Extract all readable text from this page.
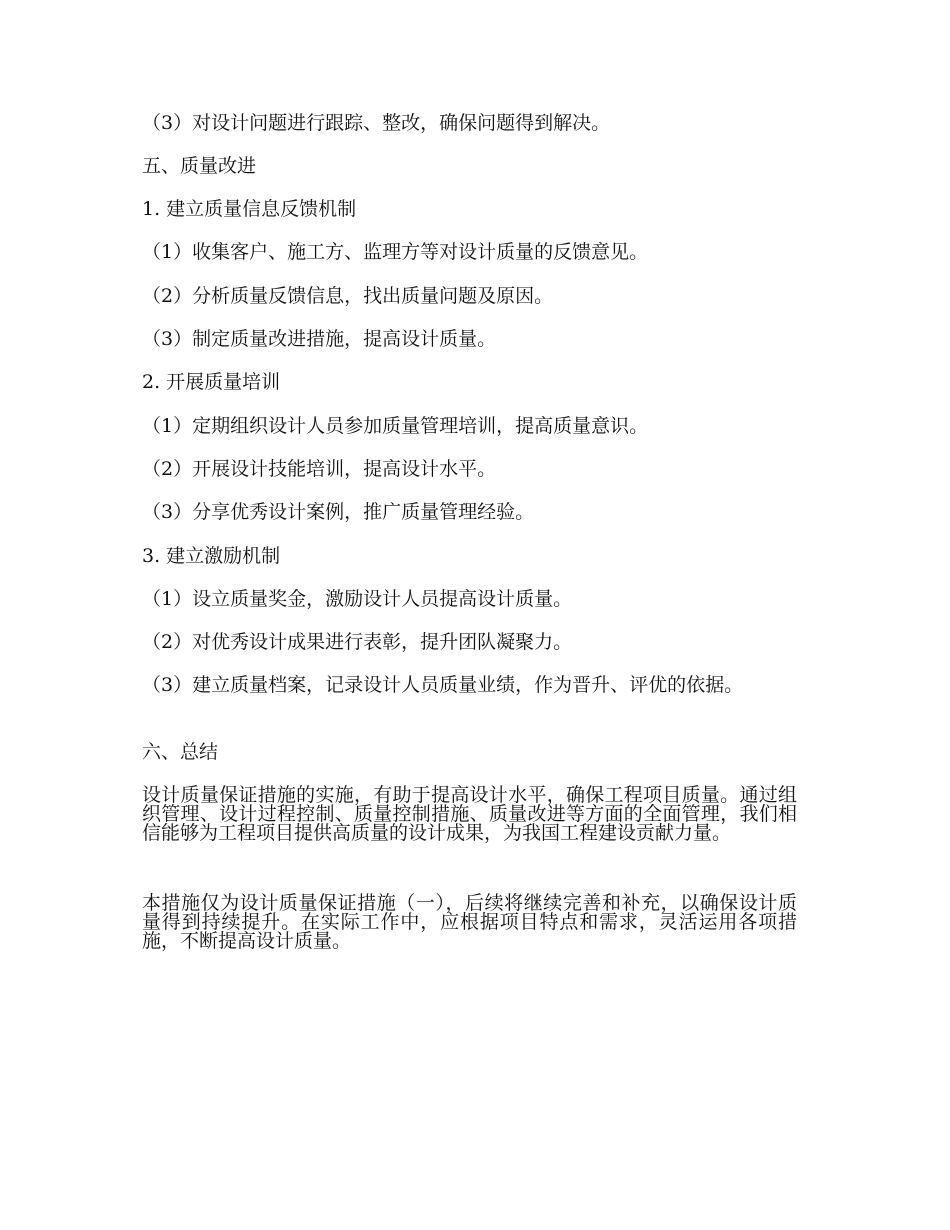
（3）对设计问题进行跟踪、整改，确保问题得到解决。
五、质量改进
1. 建立质量信息反馈机制
（1）收集客户、施工方、监理方等对设计质量的反馈意见。
（2）分析质量反馈信息，找出质量问题及原因。
（3）制定质量改进措施，提高设计质量。
2. 开展质量培训
（1）定期组织设计人员参加质量管理培训，提高质量意识。
（2）开展设计技能培训，提高设计水平。
（3）分享优秀设计案例，推广质量管理经验。
3. 建立激励机制
（1）设立质量奖金，激励设计人员提高设计质量。
（2）对优秀设计成果进行表彰，提升团队凝聚力。
（3）建立质量档案，记录设计人员质量业绩，作为晋升、评优的依据。
六、总结
设计质量保证措施的实施，有助于提高设计水平，确保工程项目质量。通过组织管理、设计过程控制、质量控制措施、质量改进等方面的全面管理，我们相信能够为工程项目提供高质量的设计成果，为我国工程建设贡献力量。
本措施仅为设计质量保证措施（一），后续将继续完善和补充，以确保设计质量得到持续提升。在实际工作中，应根据项目特点和需求，灵活运用各项措施，不断提高设计质量。
